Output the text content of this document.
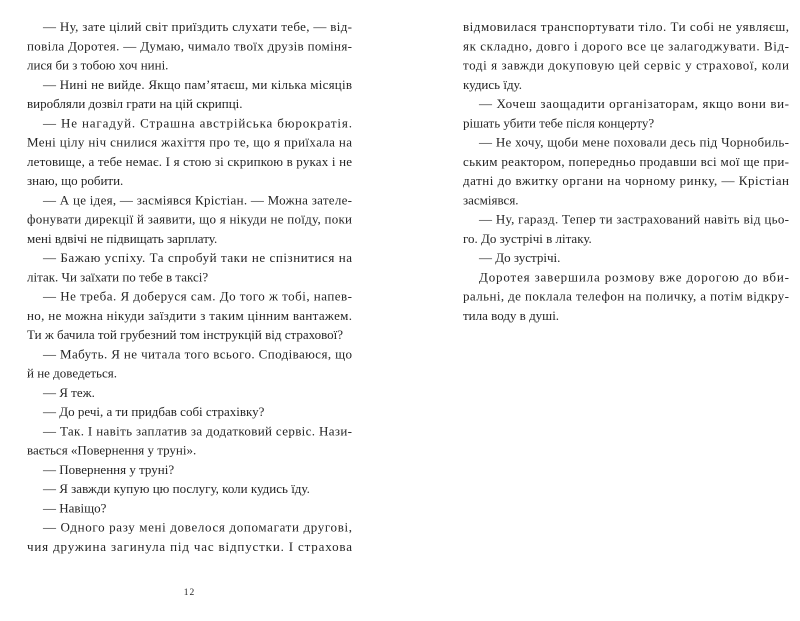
— Ну, зате цілий світ приїздить слухати тебе, — від-
повіла Доротея. — Думаю, чимало твоїх друзів поміня-
лися би з тобою хоч нині.
— Нині не вийде. Якщо пам’ятаєш, ми кілька місяців
виробляли дозвіл грати на цій скрипці.
— Не нагадуй. Страшна австрійська бюрократія.
Мені цілу ніч снилися жахіття про те, що я приїхала на
летовище, а тебе немає. І я стою зі скрипкою в руках і не
знаю, що робити.
— А це ідея, — засміявся Крістіан. — Можна зателе-
фонувати дирекції й заявити, що я нікуди не поїду, поки
мені вдвічі не підвищать зарплату.
— Бажаю успіху. Та спробуй таки не спізнитися на
літак. Чи заїхати по тебе в таксі?
— Не треба. Я доберуся сам. До того ж тобі, напев-
но, не можна нікуди заїздити з таким цінним вантажем.
Ти ж бачила той грубезний том інструкцій від страхової?
— Мабуть. Я не читала того всього. Сподіваюся, що
й не доведеться.
— Я теж.
— До речі, а ти придбав собі страхівку?
— Так. І навіть заплатив за додатковий сервіс. Нази-
вається «Повернення у труні».
— Повернення у труні?
— Я завжди купую цю послугу, коли кудись їду.
— Навіщо?
— Одного разу мені довелося допомагати другові,
чия дружина загинула під час відпустки. І страхова
відмовилася транспортувати тіло. Ти собі не уявляєш,
як складно, довго і дорого все це залагоджувати. Від-
тоді я завжди докуповую цей сервіс у страхової, коли
кудись їду.
— Хочеш заощадити організаторам, якщо вони ви-
рішать убити тебе після концерту?
— Не хочу, щоби мене поховали десь під Чорнобиль-
ським реактором, попередньо продавши всі мої ще при-
датні до вжитку органи на чорному ринку, — Крістіан
засміявся.
— Ну, гаразд. Тепер ти застрахований навіть від цьо-
го. До зустрічі в літаку.
— До зустрічі.
Доротея завершила розмову вже дорогою до вби-
ральні, де поклала телефон на поличку, а потім відкру-
тила воду в душі.
12
